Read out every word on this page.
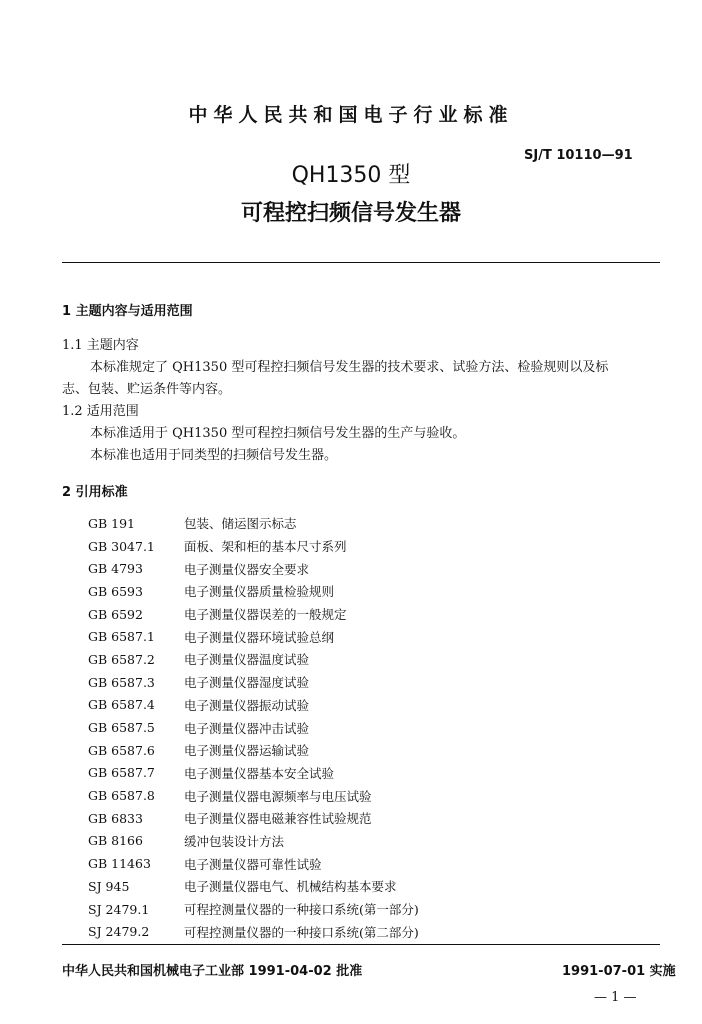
中华人民共和国电子行业标准
SJ/T 10110—91
QH1350 型
可程控扫频信号发生器
1 主题内容与适用范围
1.1 主题内容
本标准规定了 QH1350 型可程控扫频信号发生器的技术要求、试验方法、检验规则以及标
志、包装、贮运条件等内容。
1.2 适用范围
本标准适用于 QH1350 型可程控扫频信号发生器的生产与验收。
本标准也适用于同类型的扫频信号发生器。
2 引用标准
GB 191	包装、储运图示标志
GB 3047.1	面板、架和柜的基本尺寸系列
GB 4793	电子测量仪器安全要求
GB 6593	电子测量仪器质量检验规则
GB 6592	电子测量仪器误差的一般规定
GB 6587.1	电子测量仪器环境试验总纲
GB 6587.2	电子测量仪器温度试验
GB 6587.3	电子测量仪器湿度试验
GB 6587.4	电子测量仪器振动试验
GB 6587.5	电子测量仪器冲击试验
GB 6587.6	电子测量仪器运输试验
GB 6587.7	电子测量仪器基本安全试验
GB 6587.8	电子测量仪器电源频率与电压试验
GB 6833	电子测量仪器电磁兼容性试验规范
GB 8166	缓冲包装设计方法
GB 11463	电子测量仪器可靠性试验
SJ 945	电子测量仪器电气、机械结构基本要求
SJ 2479.1	可程控测量仪器的一种接口系统(第一部分)
SJ 2479.2	可程控测量仪器的一种接口系统(第二部分)
中华人民共和国机械电子工业部 1991-04-02 批准	1991-07-01 实施
— 1 —
